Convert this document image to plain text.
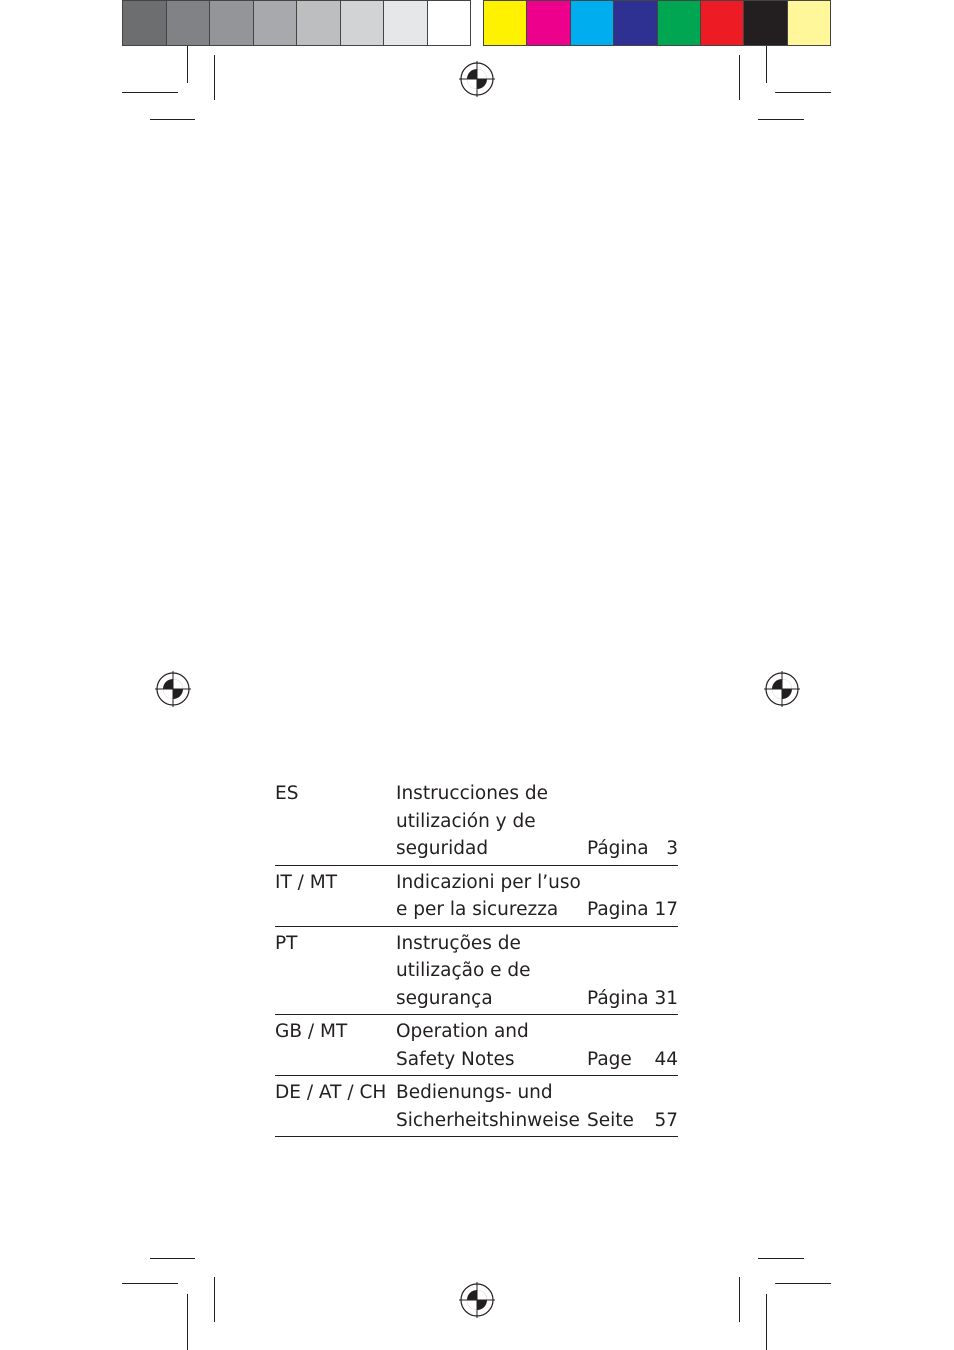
ES	Instrucciones de
utilización y de
seguridad	Página 3
IT / MT	Indicazioni per l’uso
e per la sicurezza	Pagina 17
PT	Instruções de
utilização e de
segurança	Página 31
GB / MT	Operation and
Safety Notes	Page	44
DE / AT / CH Bedienungs- und
Sicherheitshinweise Seite	57
